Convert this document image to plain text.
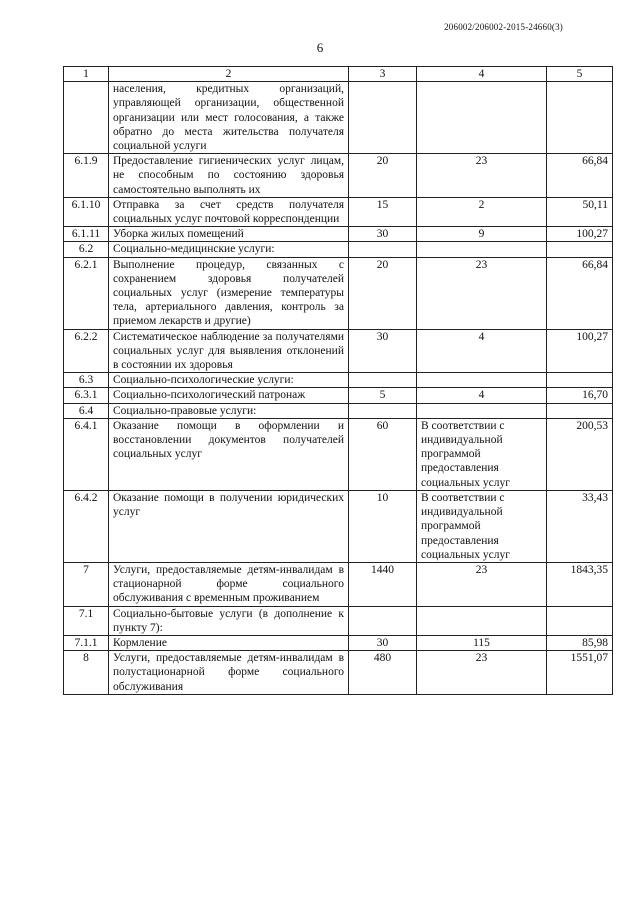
206002/206002-2015-24660(3)
6
1	2	3	4	5
	населения, кредитных организаций, управляющей организации, общественной организации или мест голосования, а также обратно до места жительства получателя социальной услуги			
6.1.9	Предоставление гигиенических услуг лицам, не способным по состоянию здоровья самостоятельно выполнять их	20	23	66,84
6.1.10	Отправка за счет средств получателя социальных услуг почтовой корреспонденции	15	2	50,11
6.1.11	Уборка жилых помещений	30	9	100,27
6.2	Социально-медицинские услуги:			
6.2.1	Выполнение процедур, связанных с сохранением здоровья получателей социальных услуг (измерение температуры тела, артериального давления, контроль за приемом лекарств и другие)	20	23	66,84
6.2.2	Систематическое наблюдение за получателями социальных услуг для выявления отклонений в состоянии их здоровья	30	4	100,27
6.3	Социально-психологические услуги:			
6.3.1	Социально-психологический патронаж	5	4	16,70
6.4	Социально-правовые услуги:			
6.4.1	Оказание помощи в оформлении и восстановлении документов получателей социальных услуг	60	В соответствии с индивидуальной программой предоставления социальных услуг	200,53
6.4.2	Оказание помощи в получении юридических услуг	10	В соответствии с индивидуальной программой предоставления социальных услуг	33,43
7	Услуги, предоставляемые детям-инвалидам в стационарной форме социального обслуживания с временным проживанием	1440	23	1843,35
7.1	Социально-бытовые услуги (в дополнение к пункту 7):			
7.1.1	Кормление	30	115	85,98
8	Услуги, предоставляемые детям-инвалидам в полустационарной форме социального обслуживания	480	23	1551,07
